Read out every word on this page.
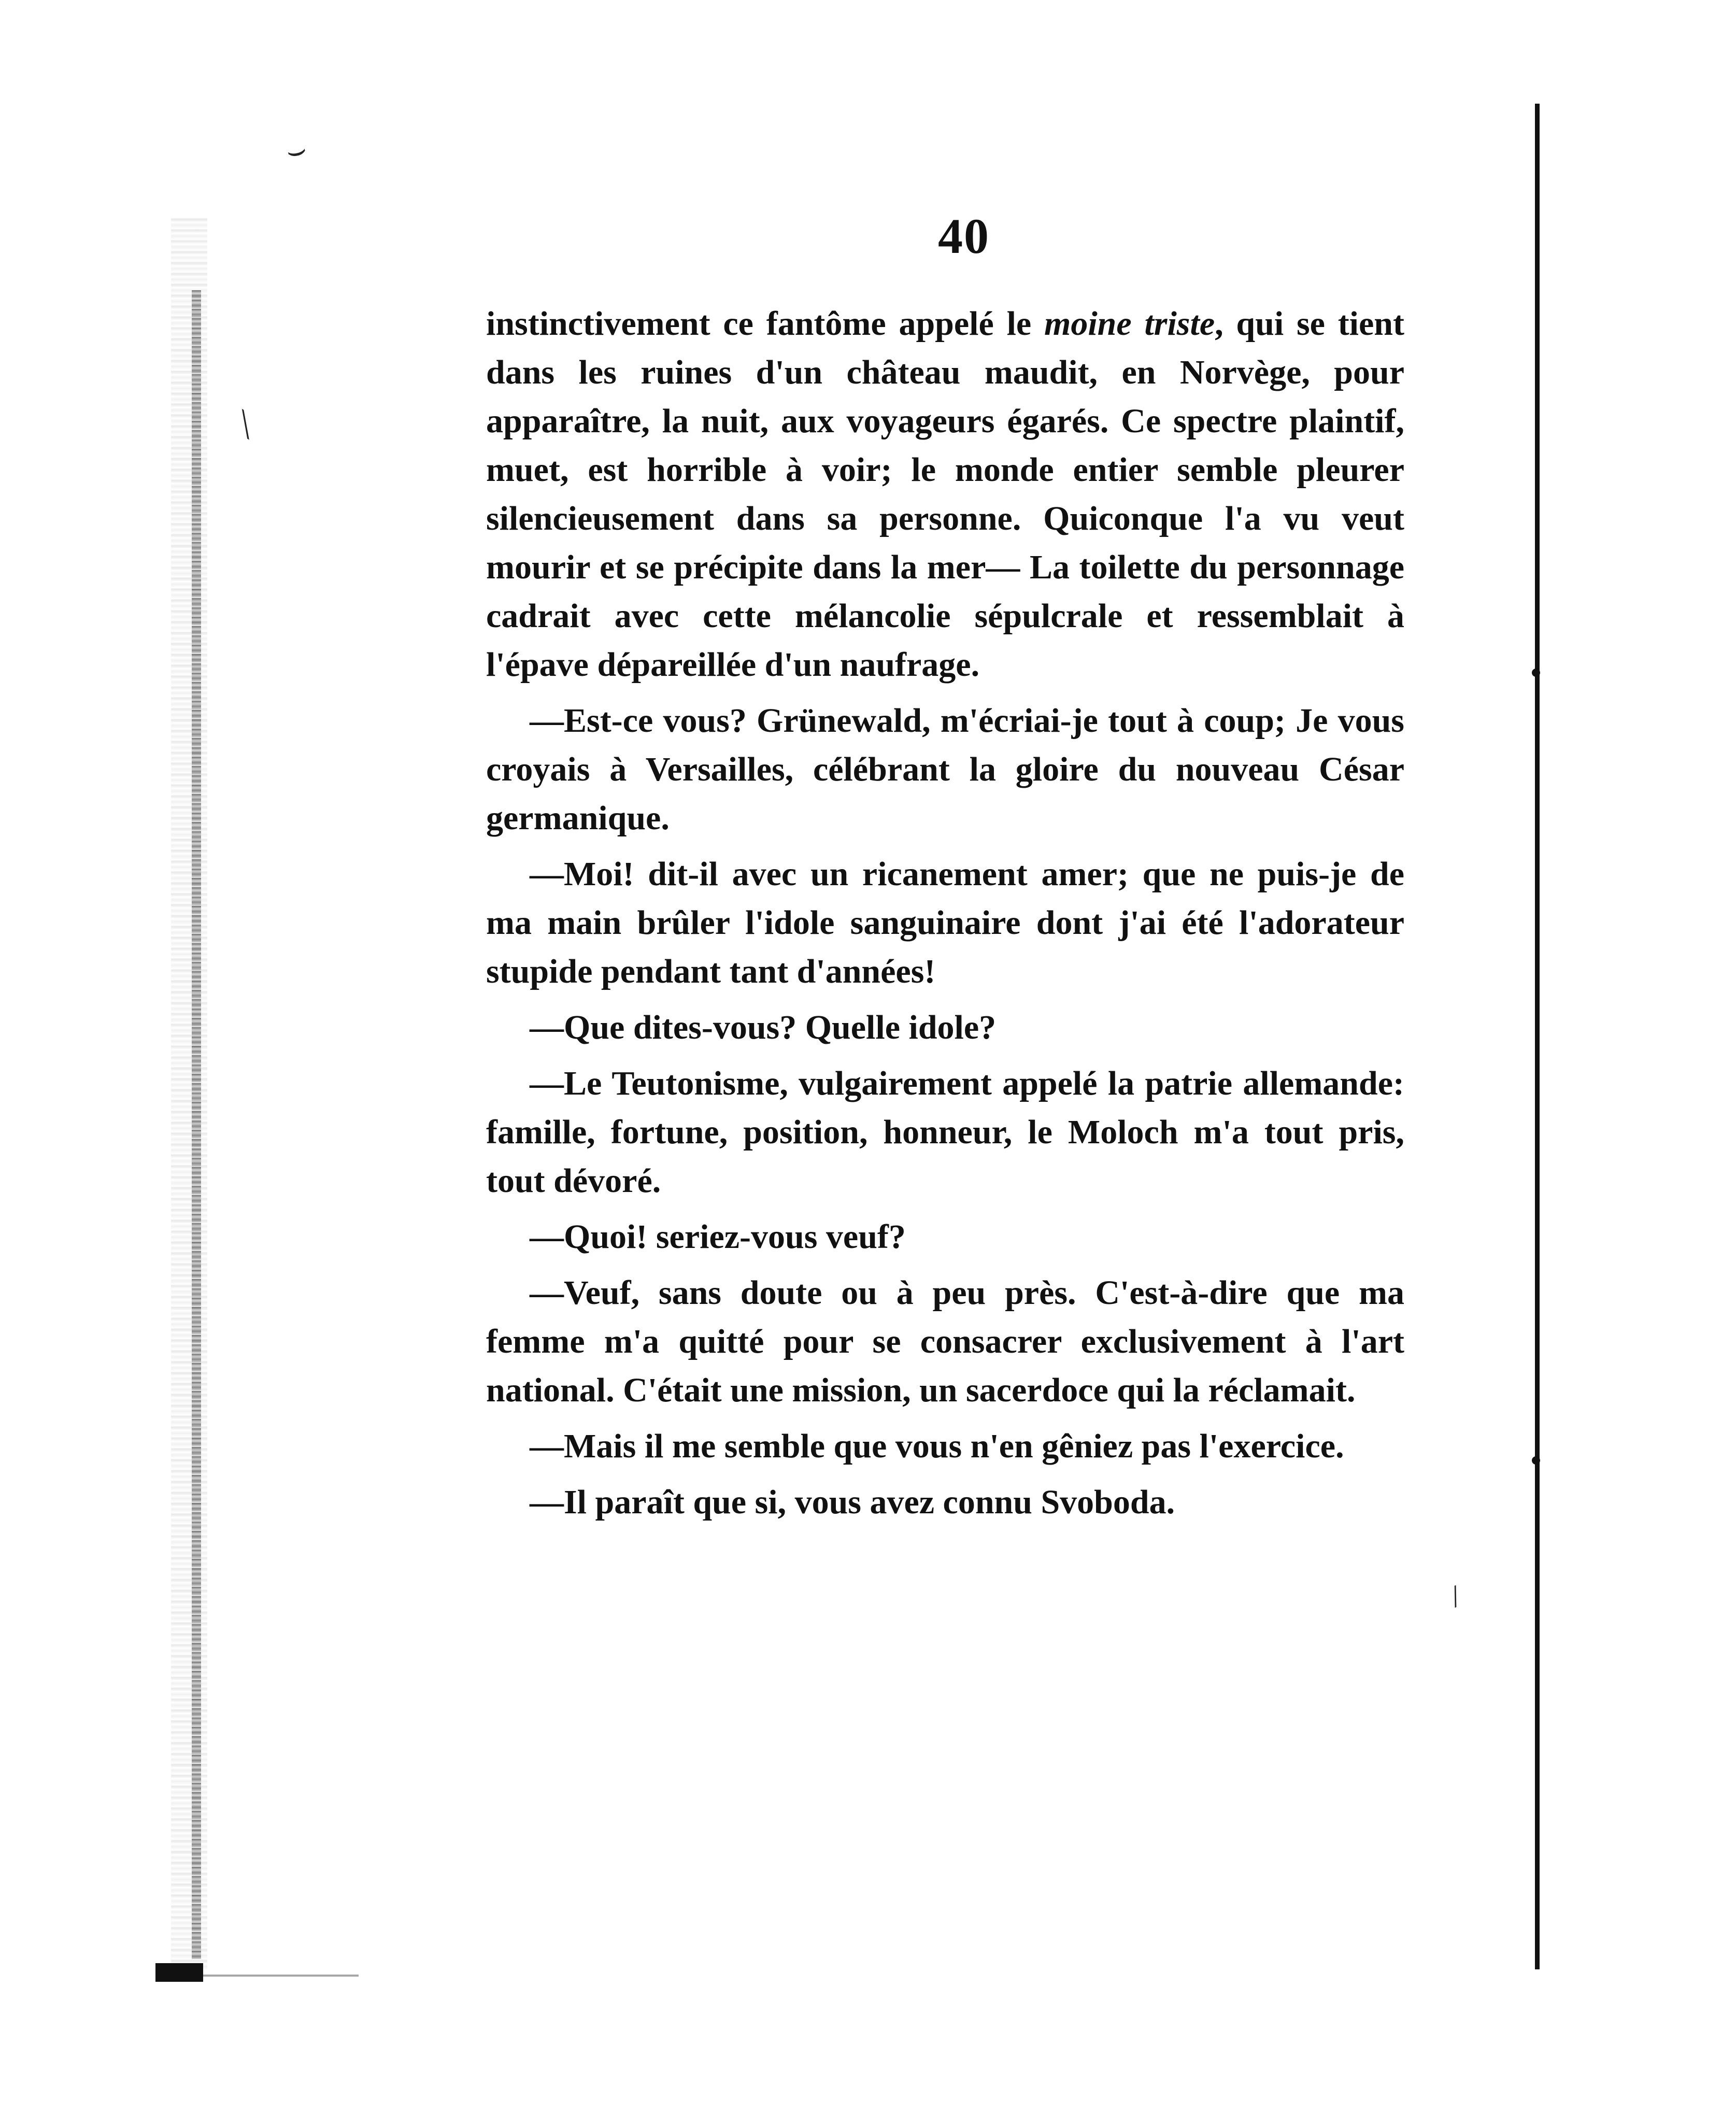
⌣
⟍
/
40

instinctivement ce fantôme appelé le moine triste, qui se tient dans les ruines d'un château maudit, en Norvège, pour apparaître, la nuit, aux voyageurs égarés. Ce spectre plaintif, muet, est horrible à voir; le monde entier semble pleurer silencieusement dans sa personne. Quiconque l'a vu veut mourir et se précipite dans la mer— La toilette du personnage cadrait avec cette mélancolie sépulcrale et ressemblait à l'épave dépareillée d'un naufrage.

—Est-ce vous? Grünewald, m'écriai-je tout à coup; Je vous croyais à Versailles, célébrant la gloire du nouveau César germanique.

—Moi! dit-il avec un ricanement amer; que ne puis-je de ma main brûler l'idole sanguinaire dont j'ai été l'adorateur stupide pendant tant d'années!

—Que dites-vous? Quelle idole?

—Le Teutonisme, vulgairement appelé la patrie allemande: famille, fortune, position, honneur, le Moloch m'a tout pris, tout dévoré.

—Quoi! seriez-vous veuf?

—Veuf, sans doute ou à peu près. C'est-à-dire que ma femme m'a quitté pour se consacrer exclusivement à l'art national. C'était une mission, un sacerdoce qui la réclamait.

—Mais il me semble que vous n'en gêniez pas l'exercice.

—Il paraît que si, vous avez connu Svoboda.
